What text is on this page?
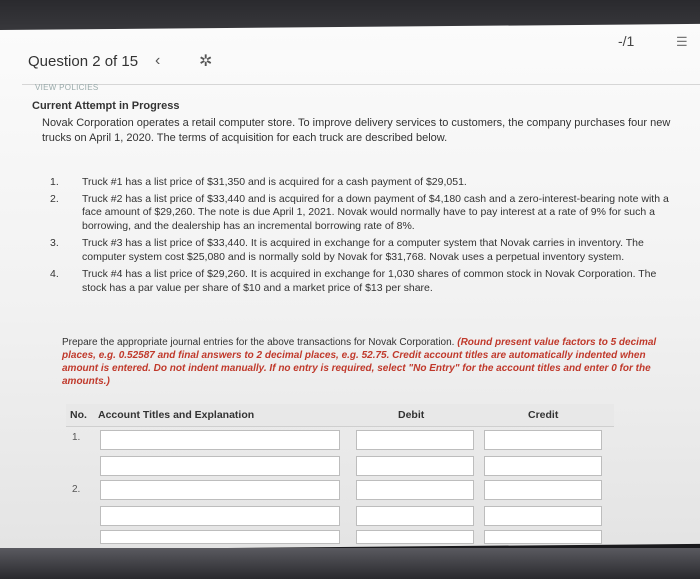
-/1	☰
Question 2 of 15 ‹ ✲
VIEW POLICIES
Current Attempt in Progress
Novak Corporation operates a retail computer store. To improve delivery services to customers, the company purchases four new trucks on April 1, 2020. The terms of acquisition for each truck are described below.
1. Truck #1 has a list price of $31,350 and is acquired for a cash payment of $29,051.
2. Truck #2 has a list price of $33,440 and is acquired for a down payment of $4,180 cash and a zero-interest-bearing note with a face amount of $29,260. The note is due April 1, 2021. Novak would normally have to pay interest at a rate of 9% for such a borrowing, and the dealership has an incremental borrowing rate of 8%.
3. Truck #3 has a list price of $33,440. It is acquired in exchange for a computer system that Novak carries in inventory. The computer system cost $25,080 and is normally sold by Novak for $31,768. Novak uses a perpetual inventory system.
4. Truck #4 has a list price of $29,260. It is acquired in exchange for 1,030 shares of common stock in Novak Corporation. The stock has a par value per share of $10 and a market price of $13 per share.
Prepare the appropriate journal entries for the above transactions for Novak Corporation. (Round present value factors to 5 decimal places, e.g. 0.52587 and final answers to 2 decimal places, e.g. 52.75. Credit account titles are automatically indented when amount is entered. Do not indent manually. If no entry is required, select "No Entry" for the account titles and enter 0 for the amounts.)
No. Account Titles and Explanation	Debit	Credit
1.
2.
